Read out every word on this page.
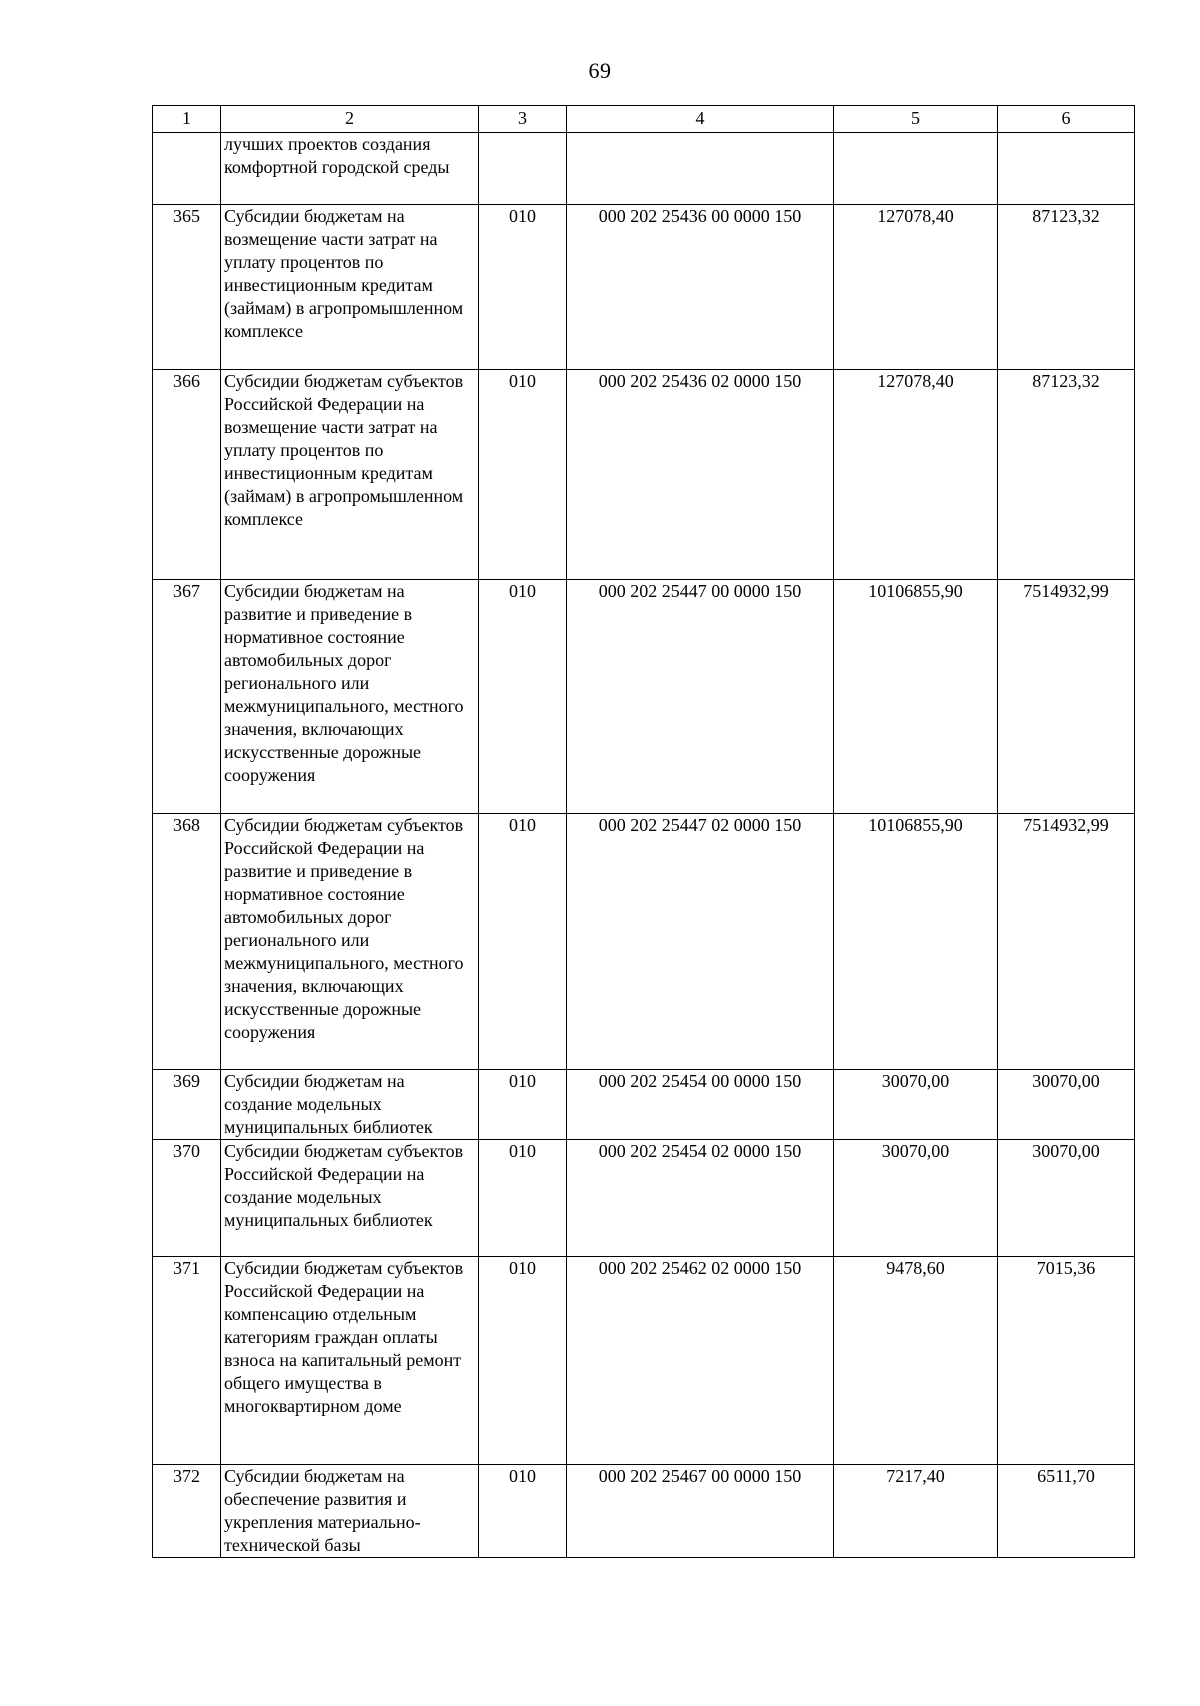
69
1	2	3	4	5	6
	лучших проектов создания комфортной городской среды				
365	Субсидии бюджетам на возмещение части затрат на уплату процентов по инвестиционным кредитам (займам) в агропромышленном комплексе	010	000 202 25436 00 0000 150	127078,40	87123,32
366	Субсидии бюджетам субъектов Российской Федерации на возмещение части затрат на уплату процентов по инвестиционным кредитам (займам) в агропромышленном комплексе	010	000 202 25436 02 0000 150	127078,40	87123,32
367	Субсидии бюджетам на развитие и приведение в нормативное состояние автомобильных дорог регионального или межмуниципального, местного значения, включающих искусственные дорожные сооружения	010	000 202 25447 00 0000 150	10106855,90	7514932,99
368	Субсидии бюджетам субъектов Российской Федерации на развитие и приведение в нормативное состояние автомобильных дорог регионального или межмуниципального, местного значения, включающих искусственные дорожные сооружения	010	000 202 25447 02 0000 150	10106855,90	7514932,99
369	Субсидии бюджетам на создание модельных муниципальных библиотек	010	000 202 25454 00 0000 150	30070,00	30070,00
370	Субсидии бюджетам субъектов Российской Федерации на создание модельных муниципальных библиотек	010	000 202 25454 02 0000 150	30070,00	30070,00
371	Субсидии бюджетам субъектов Российской Федерации на компенсацию отдельным категориям граждан оплаты взноса на капитальный ремонт общего имущества в многоквартирном доме	010	000 202 25462 02 0000 150	9478,60	7015,36
372	Субсидии бюджетам на обеспечение развития и укрепления материально-технической базы	010	000 202 25467 00 0000 150	7217,40	6511,70
